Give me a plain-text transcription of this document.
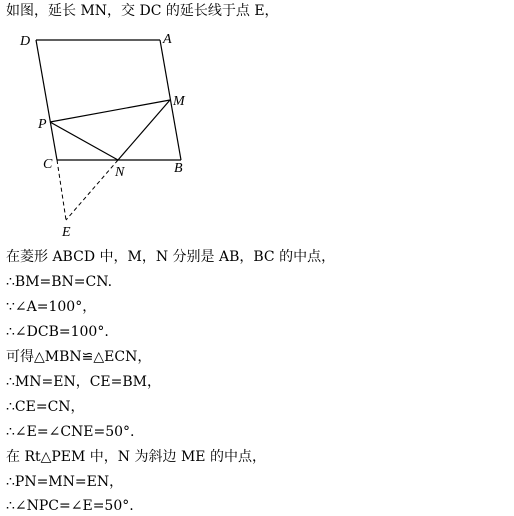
如图，延长 MN，交 DC 的延长线于点 E，
D	A
M
P
C
N	B
E
在菱形 ABCD 中，M，N 分别是 AB，BC 的中点，
∴BM=BN=CN.
∵∠A=100°，
∴∠DCB=100°.
可得△MBN≌△ECN，
∴MN=EN，CE=BM，
∴CE=CN，
∴∠E=∠CNE=50°.
在 Rt△PEM 中，N 为斜边 ME 的中点，
∴PN=MN=EN，
∴∠NPC=∠E=50°.
